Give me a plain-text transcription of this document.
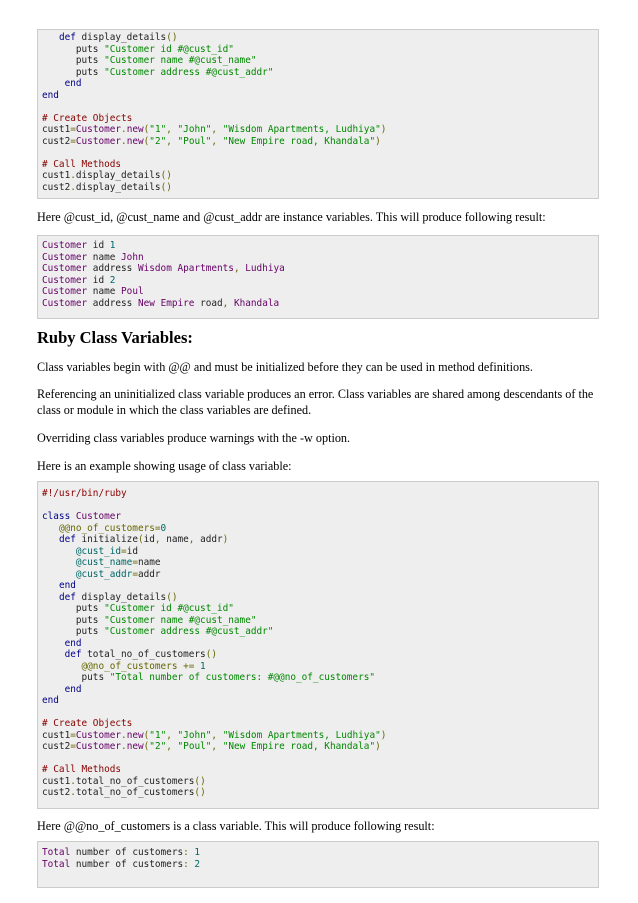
def display_details()
puts "Customer id #@cust_id"
puts "Customer name #@cust_name"
puts "Customer address #@cust_addr"
end
end

# Create Objects
cust1=Customer.new("1", "John", "Wisdom Apartments, Ludhiya")
cust2=Customer.new("2", "Poul", "New Empire road, Khandala")

# Call Methods
cust1.display_details()
cust2.display_details()

Here @cust_id, @cust_name and @cust_addr are instance variables. This will produce following result:

Customer id 1
Customer name John
Customer address Wisdom Apartments, Ludhiya
Customer id 2
Customer name Poul
Customer address New Empire road, Khandala
Ruby Class Variables:

Class variables begin with @@ and must be initialized before they can be used in method definitions.

Referencing an uninitialized class variable produces an error. Class variables are shared among descendants of the class or module in which the class variables are defined.

Overriding class variables produce warnings with the -w option.

Here is an example showing usage of class variable:

#!/usr/bin/ruby

class Customer
@@no_of_customers=0
def initialize(id, name, addr)
@cust_id=id
@cust_name=name
@cust_addr=addr
end
def display_details()
puts "Customer id #@cust_id"
puts "Customer name #@cust_name"
puts "Customer address #@cust_addr"
end
def total_no_of_customers()
@@no_of_customers += 1
puts "Total number of customers: #@@no_of_customers"
end
end

# Create Objects
cust1=Customer.new("1", "John", "Wisdom Apartments, Ludhiya")
cust2=Customer.new("2", "Poul", "New Empire road, Khandala")

# Call Methods
cust1.total_no_of_customers()
cust2.total_no_of_customers()

Here @@no_of_customers is a class variable. This will produce following result:

Total number of customers: 1
Total number of customers: 2
